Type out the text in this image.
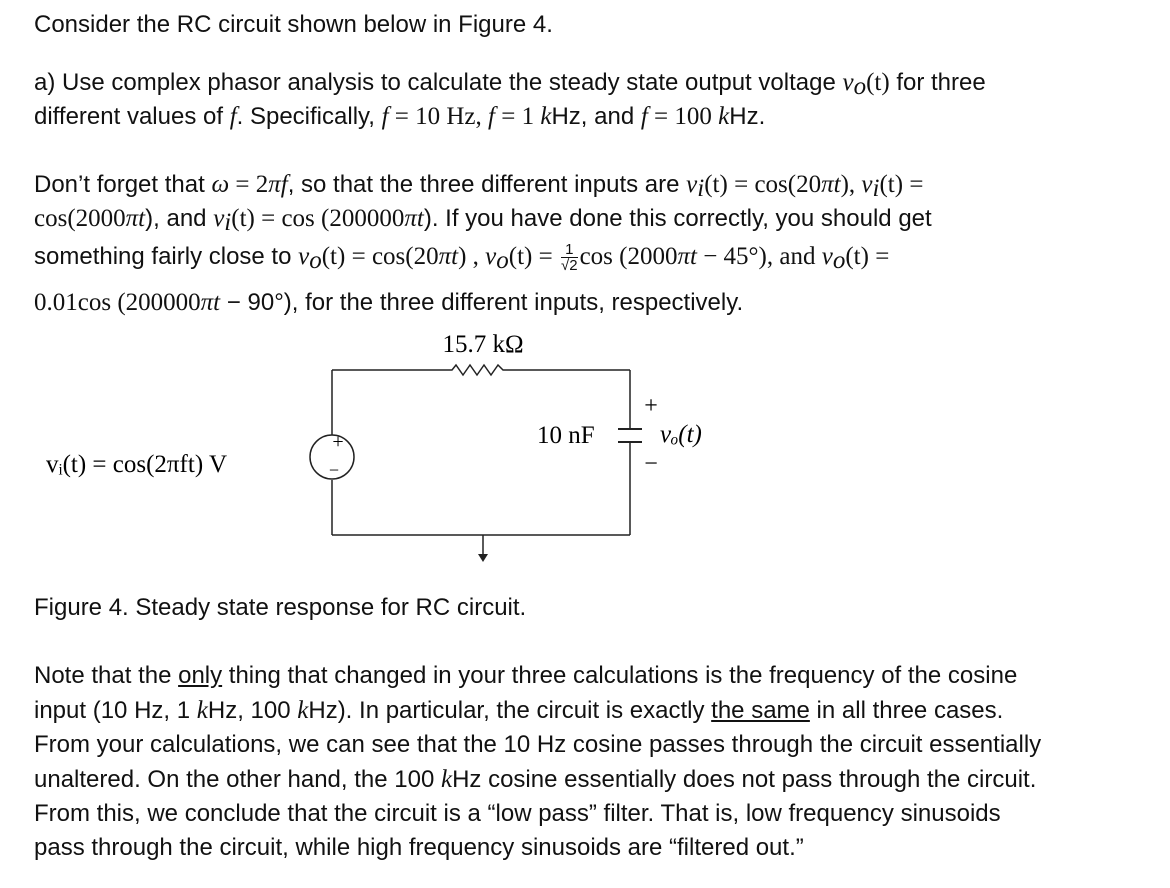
Consider the RC circuit shown below in Figure 4.

a) Use complex phasor analysis to calculate the steady state output voltage $v_o(t)$ for three

different values of f. Specifically, f = 10 Hz, f = 1 kHz, and f = 100 kHz.

Don’t forget that ω = 2πf, so that the three different inputs are $v_i(t) = \cos(20\pi t)$, $v_i(t)$ =

cos(2000πt), and $v_i(t) = \cos (200000\pi t)$. If you have done this correctly, you should get

something fairly close to $v_o(t) = \cos(20\pi t)$ , $v_o(t) = \frac{1}{√2}$ cos (2000πt − 45°), and $v_o(t)$ =

0.01cos (200000πt − 90°), for the three different inputs, respectively.

15.7 kΩ
+
−
vᵢ(t) = cos(2πft) V
10 nF
+
vₒ(t)
−

Figure 4. Steady state response for RC circuit.

Note that the only thing that changed in your three calculations is the frequency of the cosine

input (10 Hz, 1 kHz, 100 kHz). In particular, the circuit is exactly the same in all three cases.

From your calculations, we can see that the 10 Hz cosine passes through the circuit essentially

unaltered. On the other hand, the 100 kHz cosine essentially does not pass through the circuit.

From this, we conclude that the circuit is a “low pass” filter. That is, low frequency sinusoids

pass through the circuit, while high frequency sinusoids are “filtered out.”
